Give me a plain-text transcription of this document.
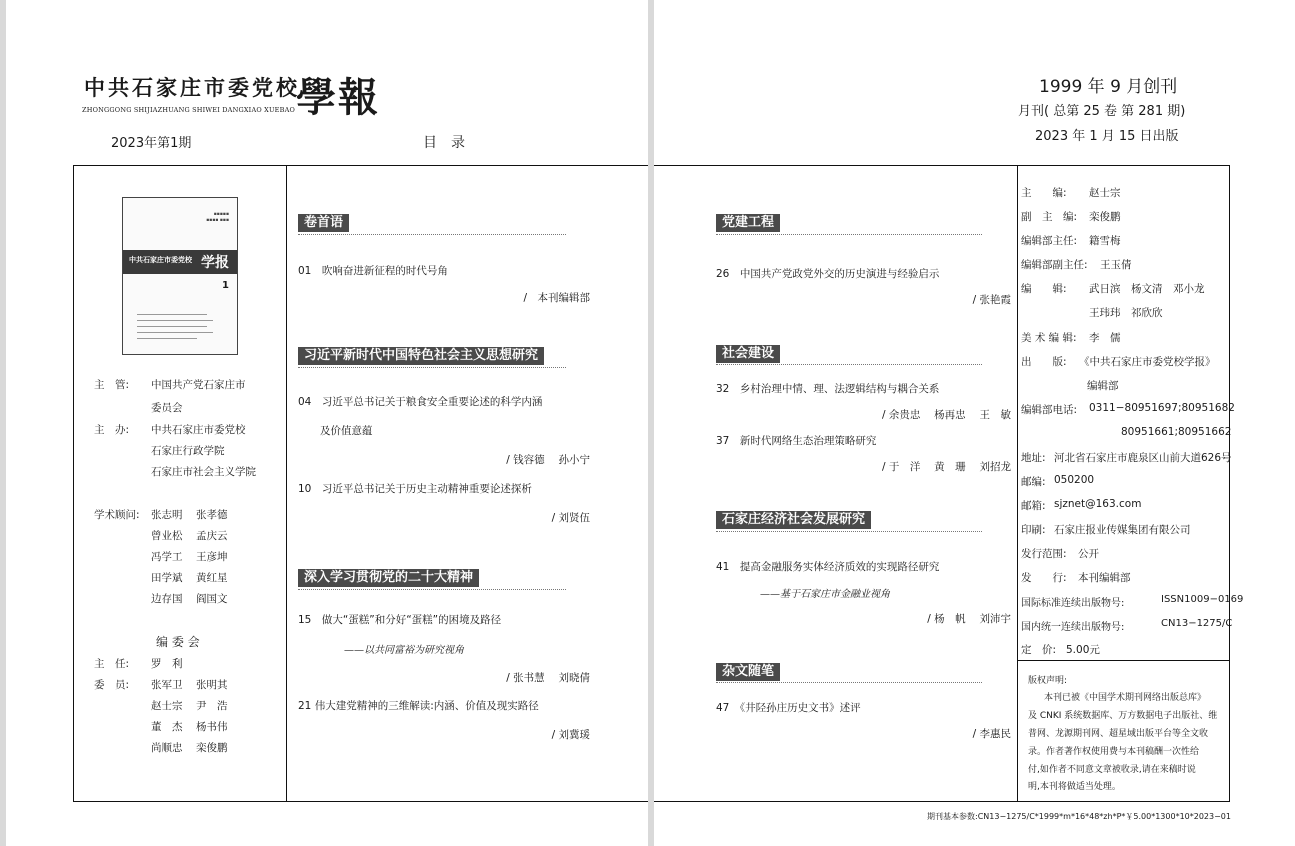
中共石家庄市委党校
學報
ZHONGGONG SHIJIAZHUANG SHIWEI DANGXIAO XUEBAO
2023年第1期	目　录
▪▪▪▪▪
▪▪▪▪ ▪▪▪
中共石家庄市委党校 学报
1
主　管: 中国共产党石家庄市
委员会
主　办: 中共石家庄市委党校
石家庄行政学院
石家庄市社会主义学院
学术顾问: 张志明 张孝德
曾业松 孟庆云
冯学工 王彦坤
田学斌 黄红星
边存国 阎国文
编 委 会
主　任: 罗　利
委　员: 张军卫 张明其
赵士宗 尹　浩
董　杰 杨书伟
尚顺忠 栾俊鹏
卷首语
01　吹响奋进新征程的时代号角
/　本刊编辑部
习近平新时代中国特色社会主义思想研究
04　习近平总书记关于粮食安全重要论述的科学内涵
及价值意蕴
/ 钱容德　 孙小宁
10　习近平总书记关于历史主动精神重要论述探析
/ 刘贤伍
深入学习贯彻党的二十大精神
15　做大“蛋糕”和分好“蛋糕”的困境及路径
——以共同富裕为研究视角
/ 张书慧　 刘晓倩
21 伟大建党精神的三维解读:内涵、价值及现实路径
/ 刘冀瑗
1999 年 9 月创刊
月刊( 总第 25 卷 第 281 期)
2023 年 1 月 15 日出版
党建工程
26　中国共产党政党外交的历史演进与经验启示
/ 张艳霞
社会建设
32　乡村治理中情、理、法逻辑结构与耦合关系
/ 余贵忠　 杨再忠　 王　敏
37　新时代网络生态治理策略研究
/ 于　洋　 黄　珊　 刘招龙
石家庄经济社会发展研究
41　提高金融服务实体经济质效的实现路径研究
——基于石家庄市金融业视角
/ 杨　帆　 刘沛宇
杂文随笔
47　《井陉孙庄历史文书》述评
/ 李惠民
主　　编: 赵士宗
副　主　编: 栾俊鹏
编辑部主任: 籍雪梅
编辑部副主任: 王玉倩
编　　辑: 武日滨　杨文清　邓小龙
王玮玮　祁欣欣
美 术 编 辑: 李　儒
出　　版: 《中共石家庄市委党校学报》
编辑部
编辑部电话: 0311−80951697;80951682
80951661;80951662
地址: 河北省石家庄市鹿泉区山前大道626号
邮编: 050200
邮箱: sjznet@163.com
印刷: 石家庄报业传媒集团有限公司
发行范围: 公开
发　　行: 本刊编辑部
国际标准连续出版物号:	ISSN1009−0169
国内统一连续出版物号:	CN13−1275/C
定　价: 5.00元
版权声明:
　　本刊已被《中国学术期刊网络出版总库》
及 CNKI 系统数据库、万方数据电子出版社、维
普网、龙源期刊网、超星域出版平台等全文收
录。作者著作权使用费与本刊稿酬一次性给
付,如作者不同意文章被收录,请在来稿时说
明,本刊将做适当处理。
期刊基本参数:CN13−1275/C*1999*m*16*48*zh*P*￥5.00*1300*10*2023−01
